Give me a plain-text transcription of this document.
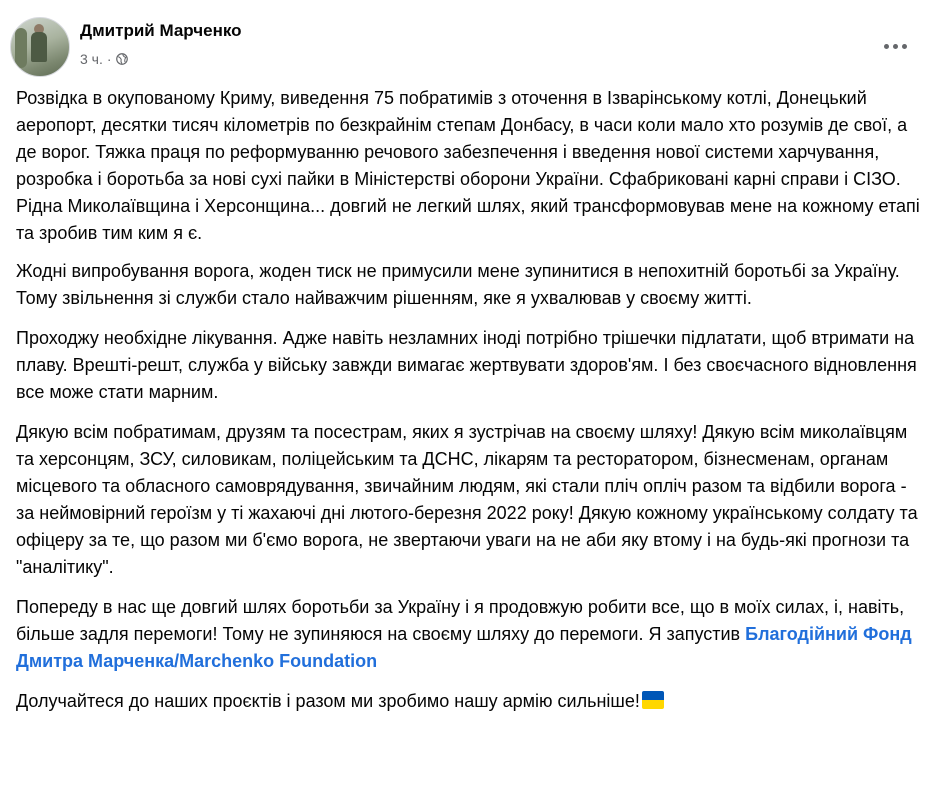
Дмитрий Марченко
3 ч. ·

Розвідка в окупованому Криму, виведення 75 побратимів з оточення в Ізварінському котлі, Донецький аеропорт, десятки тисяч кілометрів по безкрайнім степам Донбасу, в часи коли мало хто розумів де свої, а де ворог. Тяжка праця по реформуванню речового забезпечення і введення нової системи харчування, розробка і боротьба за нові сухі пайки в Міністерстві оборони України. Сфабриковані карні справи і СІЗО. Рідна Миколаївщина і Херсонщина... довгий не легкий шлях, який трансформовував мене на кожному етапі та зробив тим ким я є.

Жодні випробування ворога, жоден тиск не примусили мене зупинитися в непохитній боротьбі за Україну. Тому звільнення зі служби стало найважчим рішенням, яке я ухвалював у своєму житті.

Проходжу необхідне лікування. Адже навіть незламних іноді потрібно трішечки підлатати, щоб втримати на плаву. Врешті-решт, служба у війську завжди вимагає жертвувати здоров'ям. І без своєчасного відновлення все може стати марним.

Дякую всім побратимам, друзям та посестрам, яких я зустрічав на своєму шляху! Дякую всім миколаївцям та херсонцям, ЗСУ, силовикам, поліцейським та ДСНС, лікарям та ресторатором, бізнесменам, органам місцевого та обласного самоврядування, звичайним людям, які стали пліч опліч разом та відбили ворога - за неймовірний героїзм у ті жахаючі дні лютого-березня 2022 року! Дякую кожному українському солдату та офіцеру за те, що разом ми б'ємо ворога, не звертаючи уваги на не аби яку втому і на будь-які прогнози та "аналітику".

Попереду в нас ще довгий шлях боротьби за Україну і я продовжую робити все, що в моїх силах, і, навіть, більше задля перемоги! Тому не зупиняюся на своєму шляху до перемоги. Я запустив Благодійний Фонд Дмитра Марченка/Marchenko Foundation

Долучайтеся до наших проєктів і разом ми зробимо нашу армію сильніше!
